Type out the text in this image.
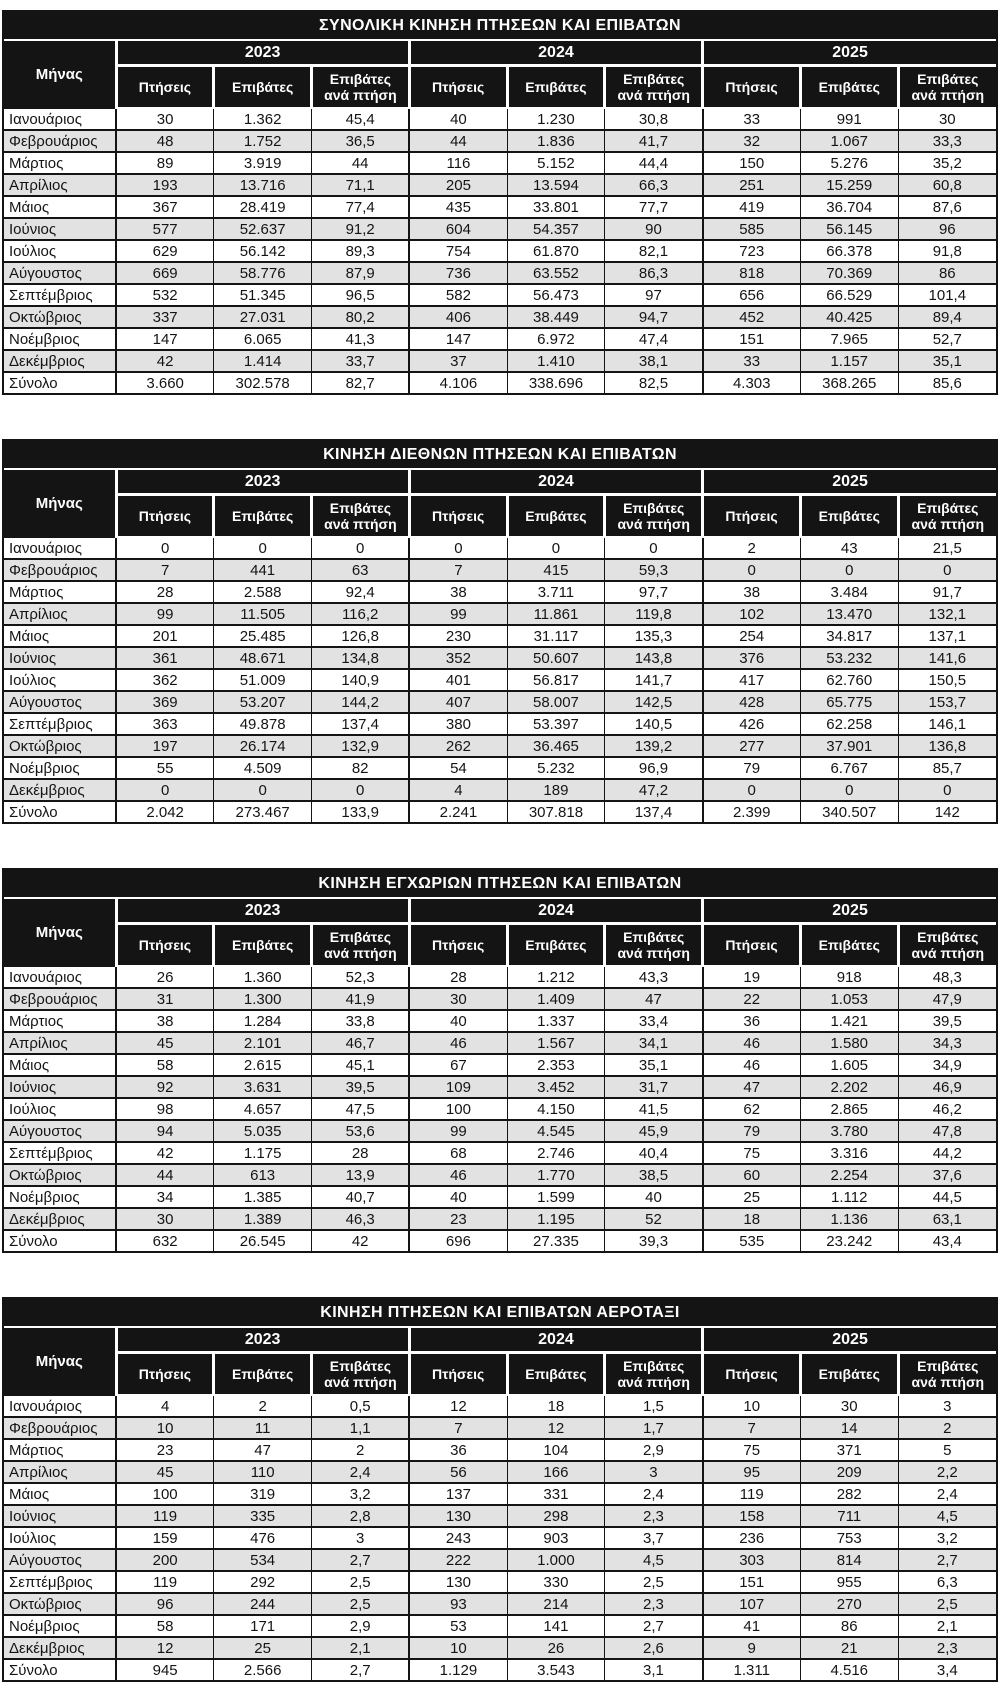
ΣΥΝΟΛΙΚΗ ΚΙΝΗΣΗ ΠΤΗΣΕΩΝ ΚΑΙ ΕΠΙΒΑΤΩΝ
Μήνας	2023			2024			2025		
	Πτήσεις	Επιβάτες	Επιβάτες ανά πτήση	Πτήσεις	Επιβάτες	Επιβάτες ανά πτήση	Πτήσεις	Επιβάτες	Επιβάτες ανά πτήση
Ιανουάριος	30	1.362	45,4	40	1.230	30,8	33	991	30
Φεβρουάριος	48	1.752	36,5	44	1.836	41,7	32	1.067	33,3
Μάρτιος	89	3.919	44	116	5.152	44,4	150	5.276	35,2
Απρίλιος	193	13.716	71,1	205	13.594	66,3	251	15.259	60,8
Μάιος	367	28.419	77,4	435	33.801	77,7	419	36.704	87,6
Ιούνιος	577	52.637	91,2	604	54.357	90	585	56.145	96
Ιούλιος	629	56.142	89,3	754	61.870	82,1	723	66.378	91,8
Αύγουστος	669	58.776	87,9	736	63.552	86,3	818	70.369	86
Σεπτέμβριος	532	51.345	96,5	582	56.473	97	656	66.529	101,4
Οκτώβριος	337	27.031	80,2	406	38.449	94,7	452	40.425	89,4
Νοέμβριος	147	6.065	41,3	147	6.972	47,4	151	7.965	52,7
Δεκέμβριος	42	1.414	33,7	37	1.410	38,1	33	1.157	35,1
Σύνολο	3.660	302.578	82,7	4.106	338.696	82,5	4.303	368.265	85,6
ΚΙΝΗΣΗ ΔΙΕΘΝΩΝ ΠΤΗΣΕΩΝ ΚΑΙ ΕΠΙΒΑΤΩΝ
Μήνας	2023			2024			2025		
	Πτήσεις	Επιβάτες	Επιβάτες ανά πτήση	Πτήσεις	Επιβάτες	Επιβάτες ανά πτήση	Πτήσεις	Επιβάτες	Επιβάτες ανά πτήση
Ιανουάριος	0	0	0	0	0	0	2	43	21,5
Φεβρουάριος	7	441	63	7	415	59,3	0	0	0
Μάρτιος	28	2.588	92,4	38	3.711	97,7	38	3.484	91,7
Απρίλιος	99	11.505	116,2	99	11.861	119,8	102	13.470	132,1
Μάιος	201	25.485	126,8	230	31.117	135,3	254	34.817	137,1
Ιούνιος	361	48.671	134,8	352	50.607	143,8	376	53.232	141,6
Ιούλιος	362	51.009	140,9	401	56.817	141,7	417	62.760	150,5
Αύγουστος	369	53.207	144,2	407	58.007	142,5	428	65.775	153,7
Σεπτέμβριος	363	49.878	137,4	380	53.397	140,5	426	62.258	146,1
Οκτώβριος	197	26.174	132,9	262	36.465	139,2	277	37.901	136,8
Νοέμβριος	55	4.509	82	54	5.232	96,9	79	6.767	85,7
Δεκέμβριος	0	0	0	4	189	47,2	0	0	0
Σύνολο	2.042	273.467	133,9	2.241	307.818	137,4	2.399	340.507	142
ΚΙΝΗΣΗ ΕΓΧΩΡΙΩΝ ΠΤΗΣΕΩΝ ΚΑΙ ΕΠΙΒΑΤΩΝ
Μήνας	2023			2024			2025		
	Πτήσεις	Επιβάτες	Επιβάτες ανά πτήση	Πτήσεις	Επιβάτες	Επιβάτες ανά πτήση	Πτήσεις	Επιβάτες	Επιβάτες ανά πτήση
Ιανουάριος	26	1.360	52,3	28	1.212	43,3	19	918	48,3
Φεβρουάριος	31	1.300	41,9	30	1.409	47	22	1.053	47,9
Μάρτιος	38	1.284	33,8	40	1.337	33,4	36	1.421	39,5
Απρίλιος	45	2.101	46,7	46	1.567	34,1	46	1.580	34,3
Μάιος	58	2.615	45,1	67	2.353	35,1	46	1.605	34,9
Ιούνιος	92	3.631	39,5	109	3.452	31,7	47	2.202	46,9
Ιούλιος	98	4.657	47,5	100	4.150	41,5	62	2.865	46,2
Αύγουστος	94	5.035	53,6	99	4.545	45,9	79	3.780	47,8
Σεπτέμβριος	42	1.175	28	68	2.746	40,4	75	3.316	44,2
Οκτώβριος	44	613	13,9	46	1.770	38,5	60	2.254	37,6
Νοέμβριος	34	1.385	40,7	40	1.599	40	25	1.112	44,5
Δεκέμβριος	30	1.389	46,3	23	1.195	52	18	1.136	63,1
Σύνολο	632	26.545	42	696	27.335	39,3	535	23.242	43,4
ΚΙΝΗΣΗ ΠΤΗΣΕΩΝ ΚΑΙ ΕΠΙΒΑΤΩΝ ΑΕΡΟΤΑΞΙ
Μήνας	2023			2024			2025		
	Πτήσεις	Επιβάτες	Επιβάτες ανά πτήση	Πτήσεις	Επιβάτες	Επιβάτες ανά πτήση	Πτήσεις	Επιβάτες	Επιβάτες ανά πτήση
Ιανουάριος	4	2	0,5	12	18	1,5	10	30	3
Φεβρουάριος	10	11	1,1	7	12	1,7	7	14	2
Μάρτιος	23	47	2	36	104	2,9	75	371	5
Απρίλιος	45	110	2,4	56	166	3	95	209	2,2
Μάιος	100	319	3,2	137	331	2,4	119	282	2,4
Ιούνιος	119	335	2,8	130	298	2,3	158	711	4,5
Ιούλιος	159	476	3	243	903	3,7	236	753	3,2
Αύγουστος	200	534	2,7	222	1.000	4,5	303	814	2,7
Σεπτέμβριος	119	292	2,5	130	330	2,5	151	955	6,3
Οκτώβριος	96	244	2,5	93	214	2,3	107	270	2,5
Νοέμβριος	58	171	2,9	53	141	2,7	41	86	2,1
Δεκέμβριος	12	25	2,1	10	26	2,6	9	21	2,3
Σύνολο	945	2.566	2,7	1.129	3.543	3,1	1.311	4.516	3,4
